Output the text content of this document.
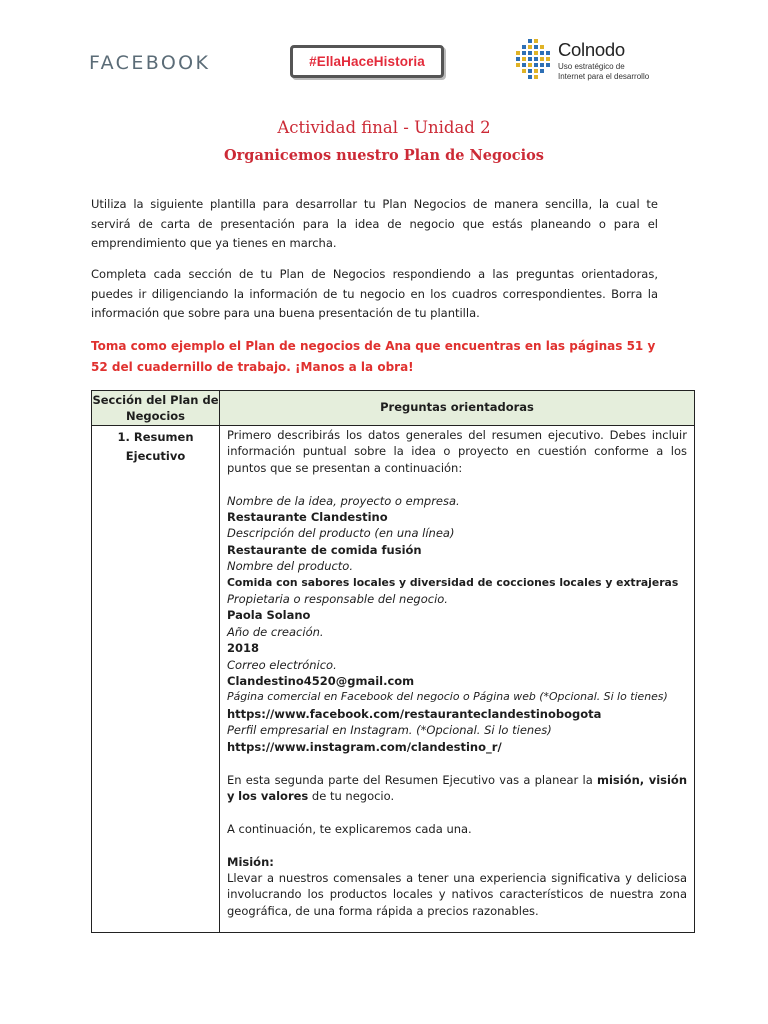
FACEBOOK	#EllaHaceHistoria
Colnodo
Uso estratégico de
Internet para el desarrollo
Actividad final - Unidad 2
Organicemos nuestro Plan de Negocios
Utiliza la siguiente plantilla para desarrollar tu Plan Negocios de manera sencilla, la cual te servirá de carta de presentación para la idea de negocio que estás planeando o para el emprendimiento que ya tienes en marcha.
Completa cada sección de tu Plan de Negocios respondiendo a las preguntas orientadoras, puedes ir diligenciando la información de tu negocio en los cuadros correspondientes. Borra la información que sobre para una buena presentación de tu plantilla.
Toma como ejemplo el Plan de negocios de Ana que encuentras en las páginas 51 y 52 del cuadernillo de trabajo. ¡Manos a la obra!
Sección del Plan de Negocios
Preguntas orientadoras
1. Resumen
Ejecutivo
Primero describirás los datos generales del resumen ejecutivo. Debes incluir información puntual sobre la idea o proyecto en cuestión conforme a los puntos que se presentan a continuación:
Nombre de la idea, proyecto o empresa.
Restaurante Clandestino
Descripción del producto (en una línea)
Restaurante de comida fusión
Nombre del producto.
Comida con sabores locales y diversidad de cocciones locales y extrajeras
Propietaria o responsable del negocio.
Paola Solano
Año de creación.
2018
Correo electrónico.
Clandestino4520@gmail.com
Página comercial en Facebook del negocio o Página web (*Opcional. Si lo tienes)
https://www.facebook.com/restauranteclandestinobogota
Perfil empresarial en Instagram. (*Opcional. Si lo tienes)
https://www.instagram.com/clandestino_r/
En esta segunda parte del Resumen Ejecutivo vas a planear la misión, visión y los valores de tu negocio.
A continuación, te explicaremos cada una.
Misión:
Llevar a nuestros comensales a tener una experiencia significativa y deliciosa involucrando los productos locales y nativos característicos de nuestra zona geográfica, de una forma rápida a precios razonables.
